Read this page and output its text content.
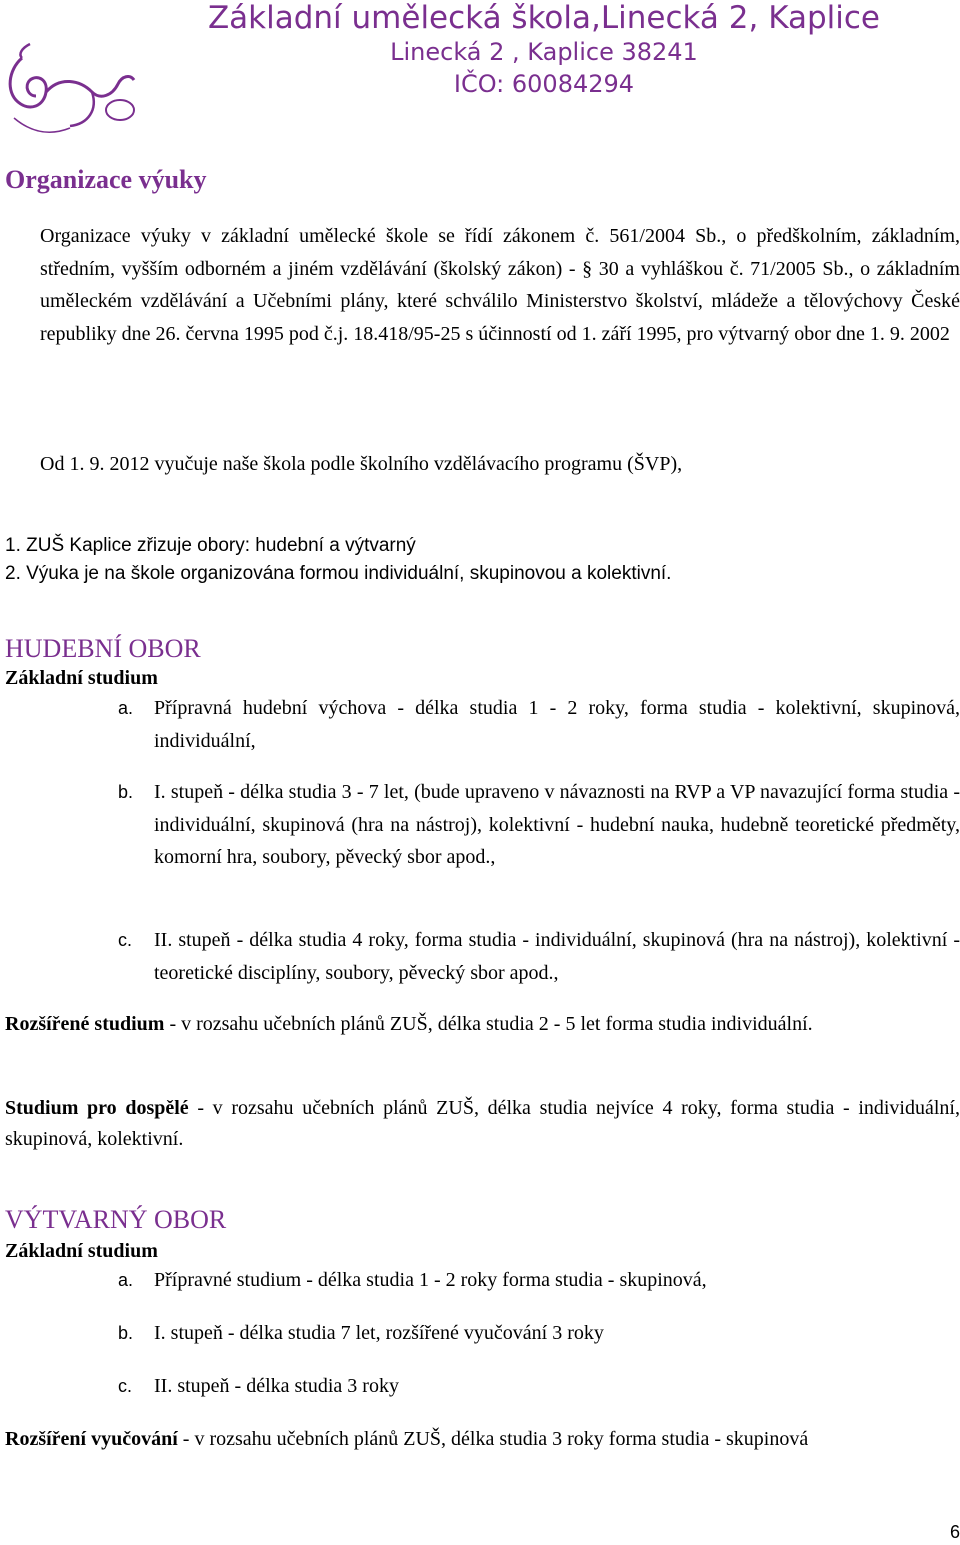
Základní umělecká škola,Linecká 2, Kaplice
Linecká 2 , Kaplice 38241
IČO: 60084294
Organizace výuky
Organizace výuky v základní umělecké škole se řídí zákonem č. 561/2004 Sb., o předškolním, základním, středním, vyšším odborném a jiném vzdělávání (školský zákon) - § 30 a vyhláškou č. 71/2005 Sb., o základním uměleckém vzdělávání a Učebními plány, které schválilo Ministerstvo školství, mládeže a tělovýchovy České republiky dne 26. června 1995 pod č.j. 18.418/95-25 s účinností od 1. září 1995, pro výtvarný obor dne 1. 9. 2002
Od 1. 9. 2012 vyučuje naše škola podle školního vzdělávacího programu (ŠVP),
1. ZUŠ Kaplice zřizuje obory: hudební a výtvarný
2. Výuka je na škole organizována formou individuální, skupinovou a kolektivní.
HUDEBNÍ OBOR
Základní studium
a. Přípravná hudební výchova - délka studia 1 - 2 roky, forma studia - kolektivní, skupinová, individuální,
b. I. stupeň - délka studia 3 - 7 let, (bude upraveno v návaznosti na RVP a VP navazující forma studia - individuální, skupinová (hra na nástroj), kolektivní - hudební nauka, hudebně teoretické předměty, komorní hra, soubory, pěvecký sbor apod.,
c. II. stupeň - délka studia 4 roky, forma studia - individuální, skupinová (hra na nástroj), kolektivní - teoretické disciplíny, soubory, pěvecký sbor apod.,
Rozšířené studium - v rozsahu učebních plánů ZUŠ, délka studia 2 - 5 let forma studia individuální.
Studium pro dospělé - v rozsahu učebních plánů ZUŠ, délka studia nejvíce 4 roky, forma studia - individuální, skupinová, kolektivní.
VÝTVARNÝ OBOR
Základní studium
a. Přípravné studium - délka studia 1 - 2 roky forma studia - skupinová,
b. I. stupeň - délka studia 7 let, rozšířené vyučování 3 roky
c. II. stupeň - délka studia 3 roky
Rozšíření vyučování - v rozsahu učebních plánů ZUŠ, délka studia 3 roky forma studia - skupinová
6
